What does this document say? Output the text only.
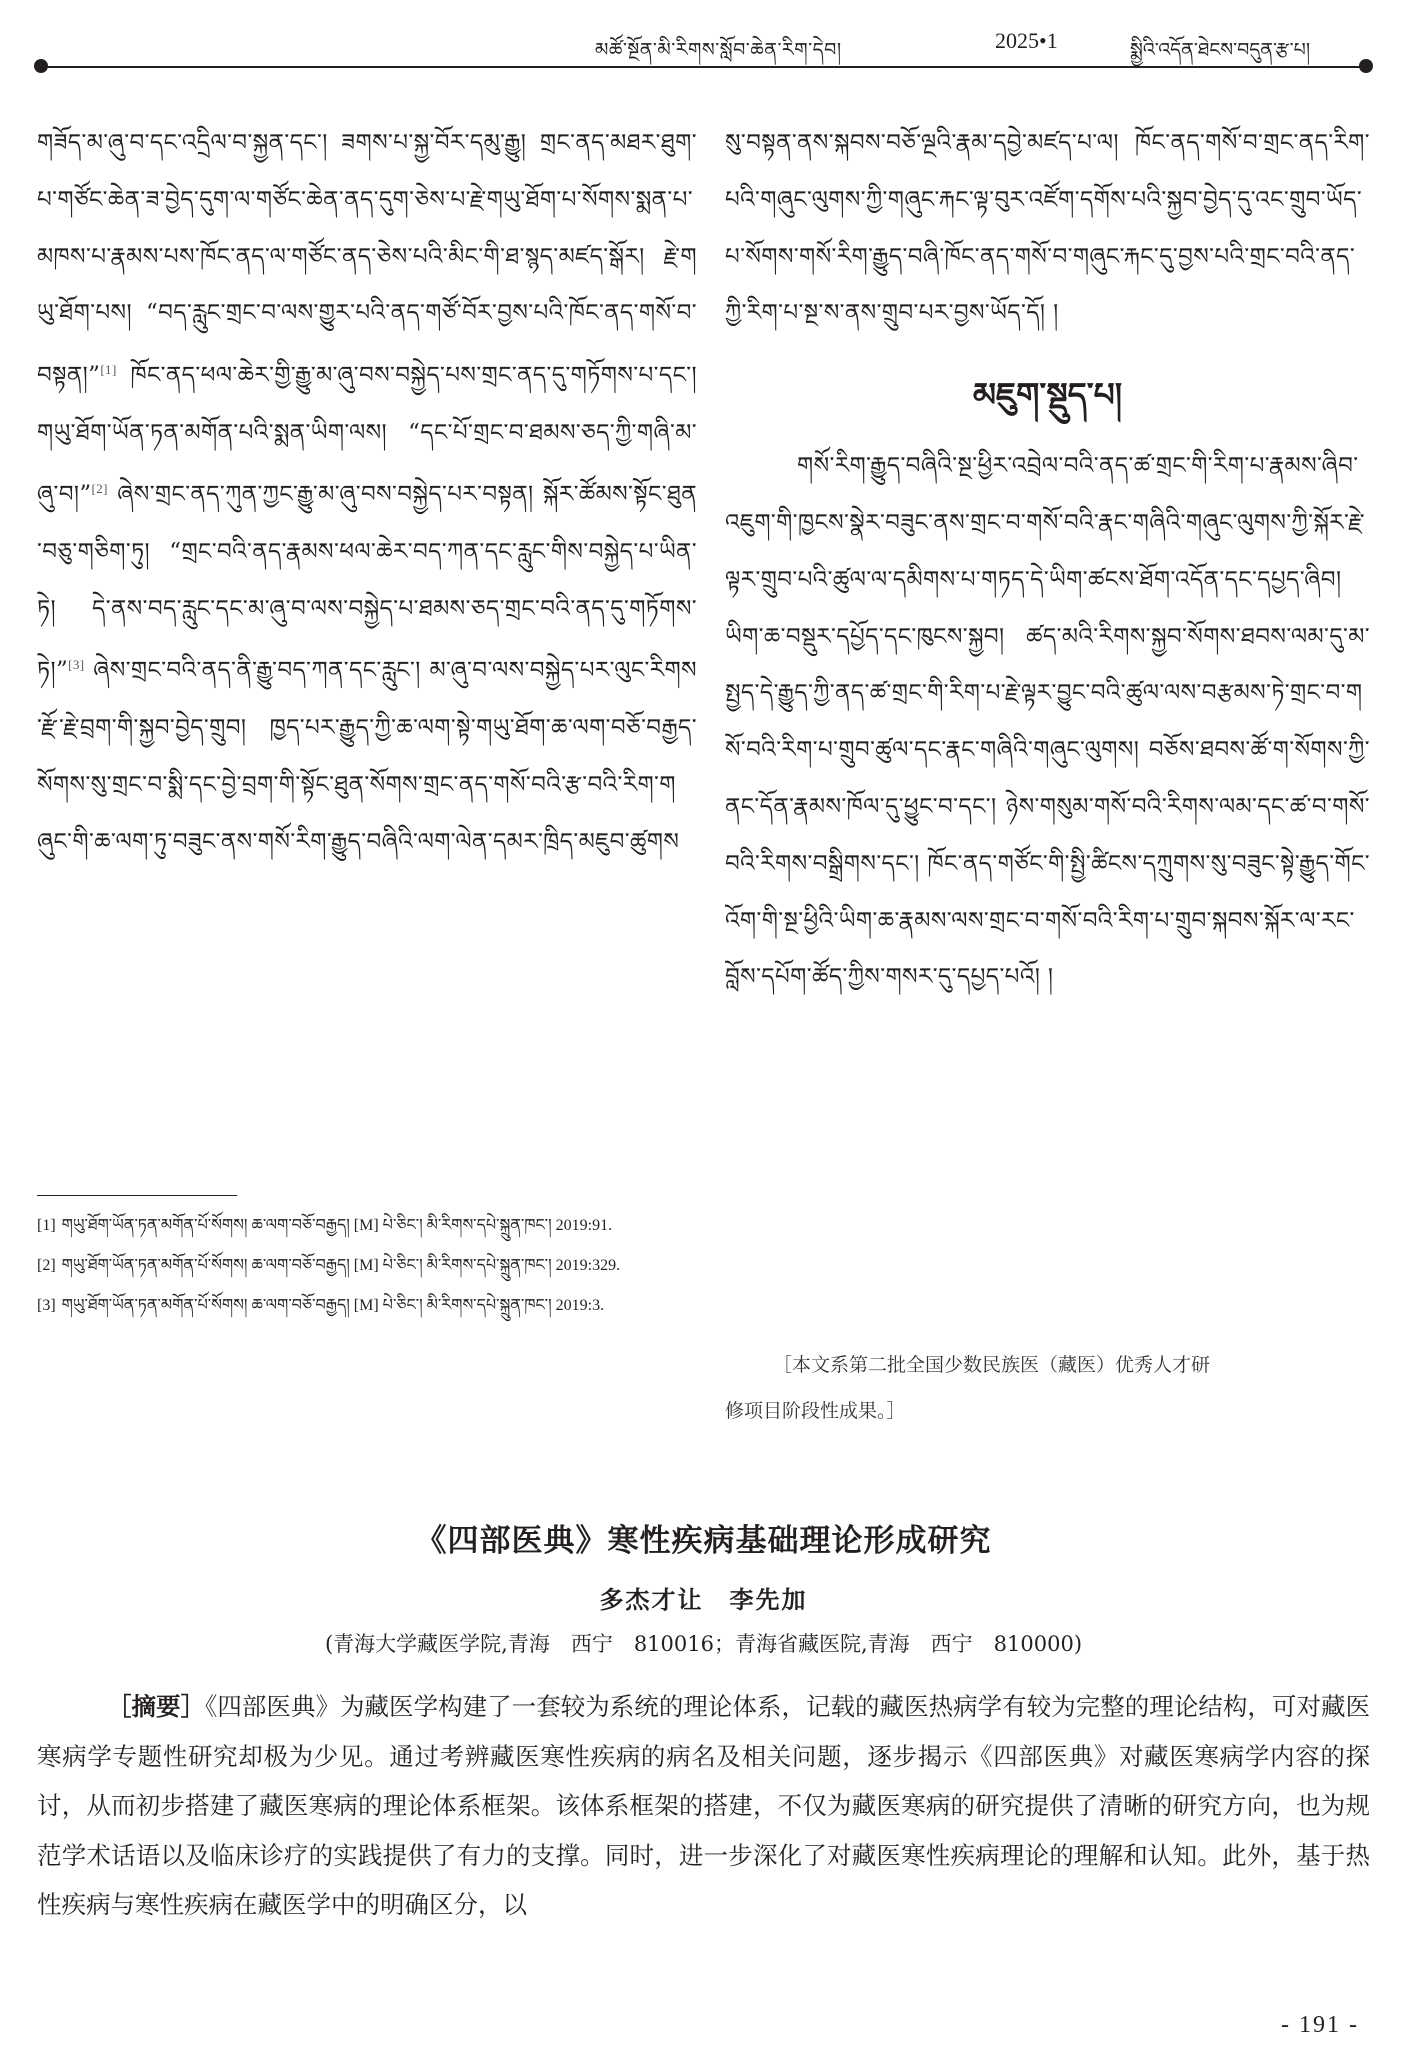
མཚོ་སྔོན་མི་རིགས་སློབ་ཆེན་རིག་དེབ།	2025•1	སྨྱིའི་འདོན་ཐེངས་བདུན་རྩ་པ།

གཟོད་མ་ཞུ་བ་དང་འདྲིལ་བ་སྐྱན་དང་། ཟགས་པ་སྐྱ་བོར་དམུ་རྒྱུ། གྲང་ནད་མཐར་ཐུག་པ་གཙོང་ཆེན་ཟ་བྱེད་དུག་ལ་གཙོང་ཆེན་ནད་དུག་ཅེས་པ་རྗེ་གཡུ་ཐོག་པ་སོགས་སྨན་པ་མཁས་པ་རྣམས་པས་ཁོང་ནད་ལ་གཙོང་ནད་ཅེས་པའི་མིང་གི་ཐ་སྙད་མཛད་སྒོར། རྗེ་གཡུ་ཐོག་པས། “བད་རླུང་གྲང་བ་ལས་གྱུར་པའི་ནད་གཙོ་བོར་བྱས་པའི་ཁོང་ནད་གསོ་བ་བསྟན།”[1] ཁོང་ནད་ཕལ་ཆེར་གྱི་རྒྱུ་མ་ཞུ་བས་བསྐྱེད་པས་གྲང་ནད་དུ་གཏོགས་པ་དང་། གཡུ་ཐོག་ཡོན་ཏན་མགོན་པའི་སྨན་ཡིག་ལས། “དང་པོ་གྲང་བ་ཐམས་ཅད་ཀྱི་གཞི་མ་ཞུ་བ།”[2] ཞེས་གྲང་ནད་ཀུན་ཀྱང་རྒྱུ་མ་ཞུ་བས་བསྐྱེད་པར་བསྟན། སྐོར་ཚོམས་སྟོང་ཐུན་བཅུ་གཅིག་ཏུ། “གྲང་བའི་ནད་རྣམས་ཕལ་ཆེར་བད་ཀན་དང་རླུང་གིས་བསྐྱེད་པ་ཡིན་ཏེ། དེ་ནས་བད་རླུང་དང་མ་ཞུ་བ་ལས་བསྐྱེད་པ་ཐམས་ཅད་གྲང་བའི་ནད་དུ་གཏོགས་ཏེ།”[3] ཞེས་གྲང་བའི་ནད་ནི་རྒྱུ་བད་ཀན་དང་རླུང་། མ་ཞུ་བ་ལས་བསྐྱེད་པར་ལུང་རིགས་རྫོ་རྗེ་བྲག་གི་སྐྱབ་བྱེད་གྲུབ། ཁྱད་པར་རྒྱུད་ཀྱི་ཆ་ལག་སྟེ་གཡུ་ཐོག་ཆ་ལག་བཅོ་བརྒྱད་སོགས་སུ་གྲང་བ་སྨི་དང་བྱེ་བྲག་གི་སྟོང་ཐུན་སོགས་གྲང་ནད་གསོ་བའི་རྩ་བའི་རིག་གཞུང་གི་ཆ་ལག་ཏུ་བཟུང་ནས་གསོ་རིག་རྒྱུད་བཞིའི་ལག་ལེན་དམར་ཁྲིད་མཇུབ་ཚུགས

[1] གཡུ་ཐོག་ཡོན་ཏན་མགོན་པོ་སོགས། ཆ་ལག་བཅོ་བརྒྱད། [M] པེ་ཅིང་། མི་རིགས་དཔེ་སྐྲུན་ཁང་། 2019:91.

[2] གཡུ་ཐོག་ཡོན་ཏན་མགོན་པོ་སོགས། ཆ་ལག་བཅོ་བརྒྱད། [M] པེ་ཅིང་། མི་རིགས་དཔེ་སྐྲུན་ཁང་། 2019:329.

[3] གཡུ་ཐོག་ཡོན་ཏན་མགོན་པོ་སོགས། ཆ་ལག་བཅོ་བརྒྱད། [M] པེ་ཅིང་། མི་རིགས་དཔེ་སྐྲུན་ཁང་། 2019:3.

སུ་བསྟན་ནས་སྐབས་བཅོ་ལྔའི་རྣམ་དབྱེ་མཛད་པ་ལ། ཁོང་ནད་གསོ་བ་གྲང་ནད་རིག་པའི་གཞུང་ལུགས་ཀྱི་གཞུང་རྐང་ལྟ་བུར་འཛོག་དགོས་པའི་སྐྱབ་བྱེད་དུ་འང་གྲུབ་ཡོད་པ་སོགས་གསོ་རིག་རྒྱུད་བཞི་ཁོང་ནད་གསོ་བ་གཞུང་རྐང་དུ་བྱས་པའི་གྲང་བའི་ནད་ཀྱི་རིག་པ་སྔ་ས་ནས་གྲུབ་པར་བྱས་ཡོད་དོ། །

མཇུག་སྡུད་པ།

གསོ་རིག་རྒྱུད་བཞིའི་སྔ་ཕྱིར་འབྲེལ་བའི་ནད་ཚ་གྲང་གི་རིག་པ་རྣམས་ཞིབ་འཇུག་གི་ཁྱངས་སྣེར་བཟུང་ནས་གྲང་བ་གསོ་བའི་རྣང་གཞིའི་གཞུང་ལུགས་ཀྱི་སྐོར་རྗེ་ལྟར་གྲུབ་པའི་ཚུལ་ལ་དམིགས་པ་གཏད་དེ་ཡིག་ཚངས་ཐོག་འདོན་དང་དཔྱད་ཞིབ། ཡིག་ཆ་བསྡུར་དཔྱོད་དང་ཁུངས་སྐྱབ། ཚད་མའི་རིགས་སྐྱབ་སོགས་ཐབས་ལམ་དུ་མ་སྤྱད་དེ་རྒྱུད་ཀྱི་ནད་ཚ་གྲང་གི་རིག་པ་རྗེ་ལྟར་བྱུང་བའི་ཚུལ་ལས་བརྩམས་ཏེ་གྲང་བ་གསོ་བའི་རིག་པ་གྲུབ་ཚུལ་དང་རྣང་གཞིའི་གཞུང་ལུགས། བཅོས་ཐབས་ཚོ་ག་སོགས་ཀྱི་ནང་དོན་རྣམས་ཁོལ་དུ་ཕྱུང་བ་དང་། ཉེས་གསུམ་གསོ་བའི་རིགས་ལམ་དང་ཚ་བ་གསོ་བའི་རིགས་བསྒྲིགས་དང་། ཁོང་ནད་གཙོང་གི་སྤྱི་ཚིངས་དཀྲུགས་སུ་བཟུང་སྟེ་རྒྱུད་གོང་འོག་གི་སྔ་ཕྱིའི་ཡིག་ཆ་རྣམས་ལས་གྲང་བ་གསོ་བའི་རིག་པ་གྲུབ་སྐབས་སྐོར་ལ་རང་བློས་དཔོག་ཚོད་ཀྱིས་གསར་དུ་དཔྱད་པའོ། །

［本文系第二批全国少数民族医（藏医）优秀人才研
修项目阶段性成果。］
《四部医典》寒性疾病基础理论形成研究
多杰才让　李先加
(青海大学藏医学院,青海　西宁　810016；青海省藏医院,青海　西宁　810000)

［摘要］《四部医典》为藏医学构建了一套较为系统的理论体系，记载的藏医热病学有较为完整的理论结构，可对藏医寒病学专题性研究却极为少见。通过考辨藏医寒性疾病的病名及相关问题，逐步揭示《四部医典》对藏医寒病学内容的探讨，从而初步搭建了藏医寒病的理论体系框架。该体系框架的搭建，不仅为藏医寒病的研究提供了清晰的研究方向，也为规范学术话语以及临床诊疗的实践提供了有力的支撑。同时，进一步深化了对藏医寒性疾病理论的理解和认知。此外，基于热性疾病与寒性疾病在藏医学中的明确区分，以

- 191 -
